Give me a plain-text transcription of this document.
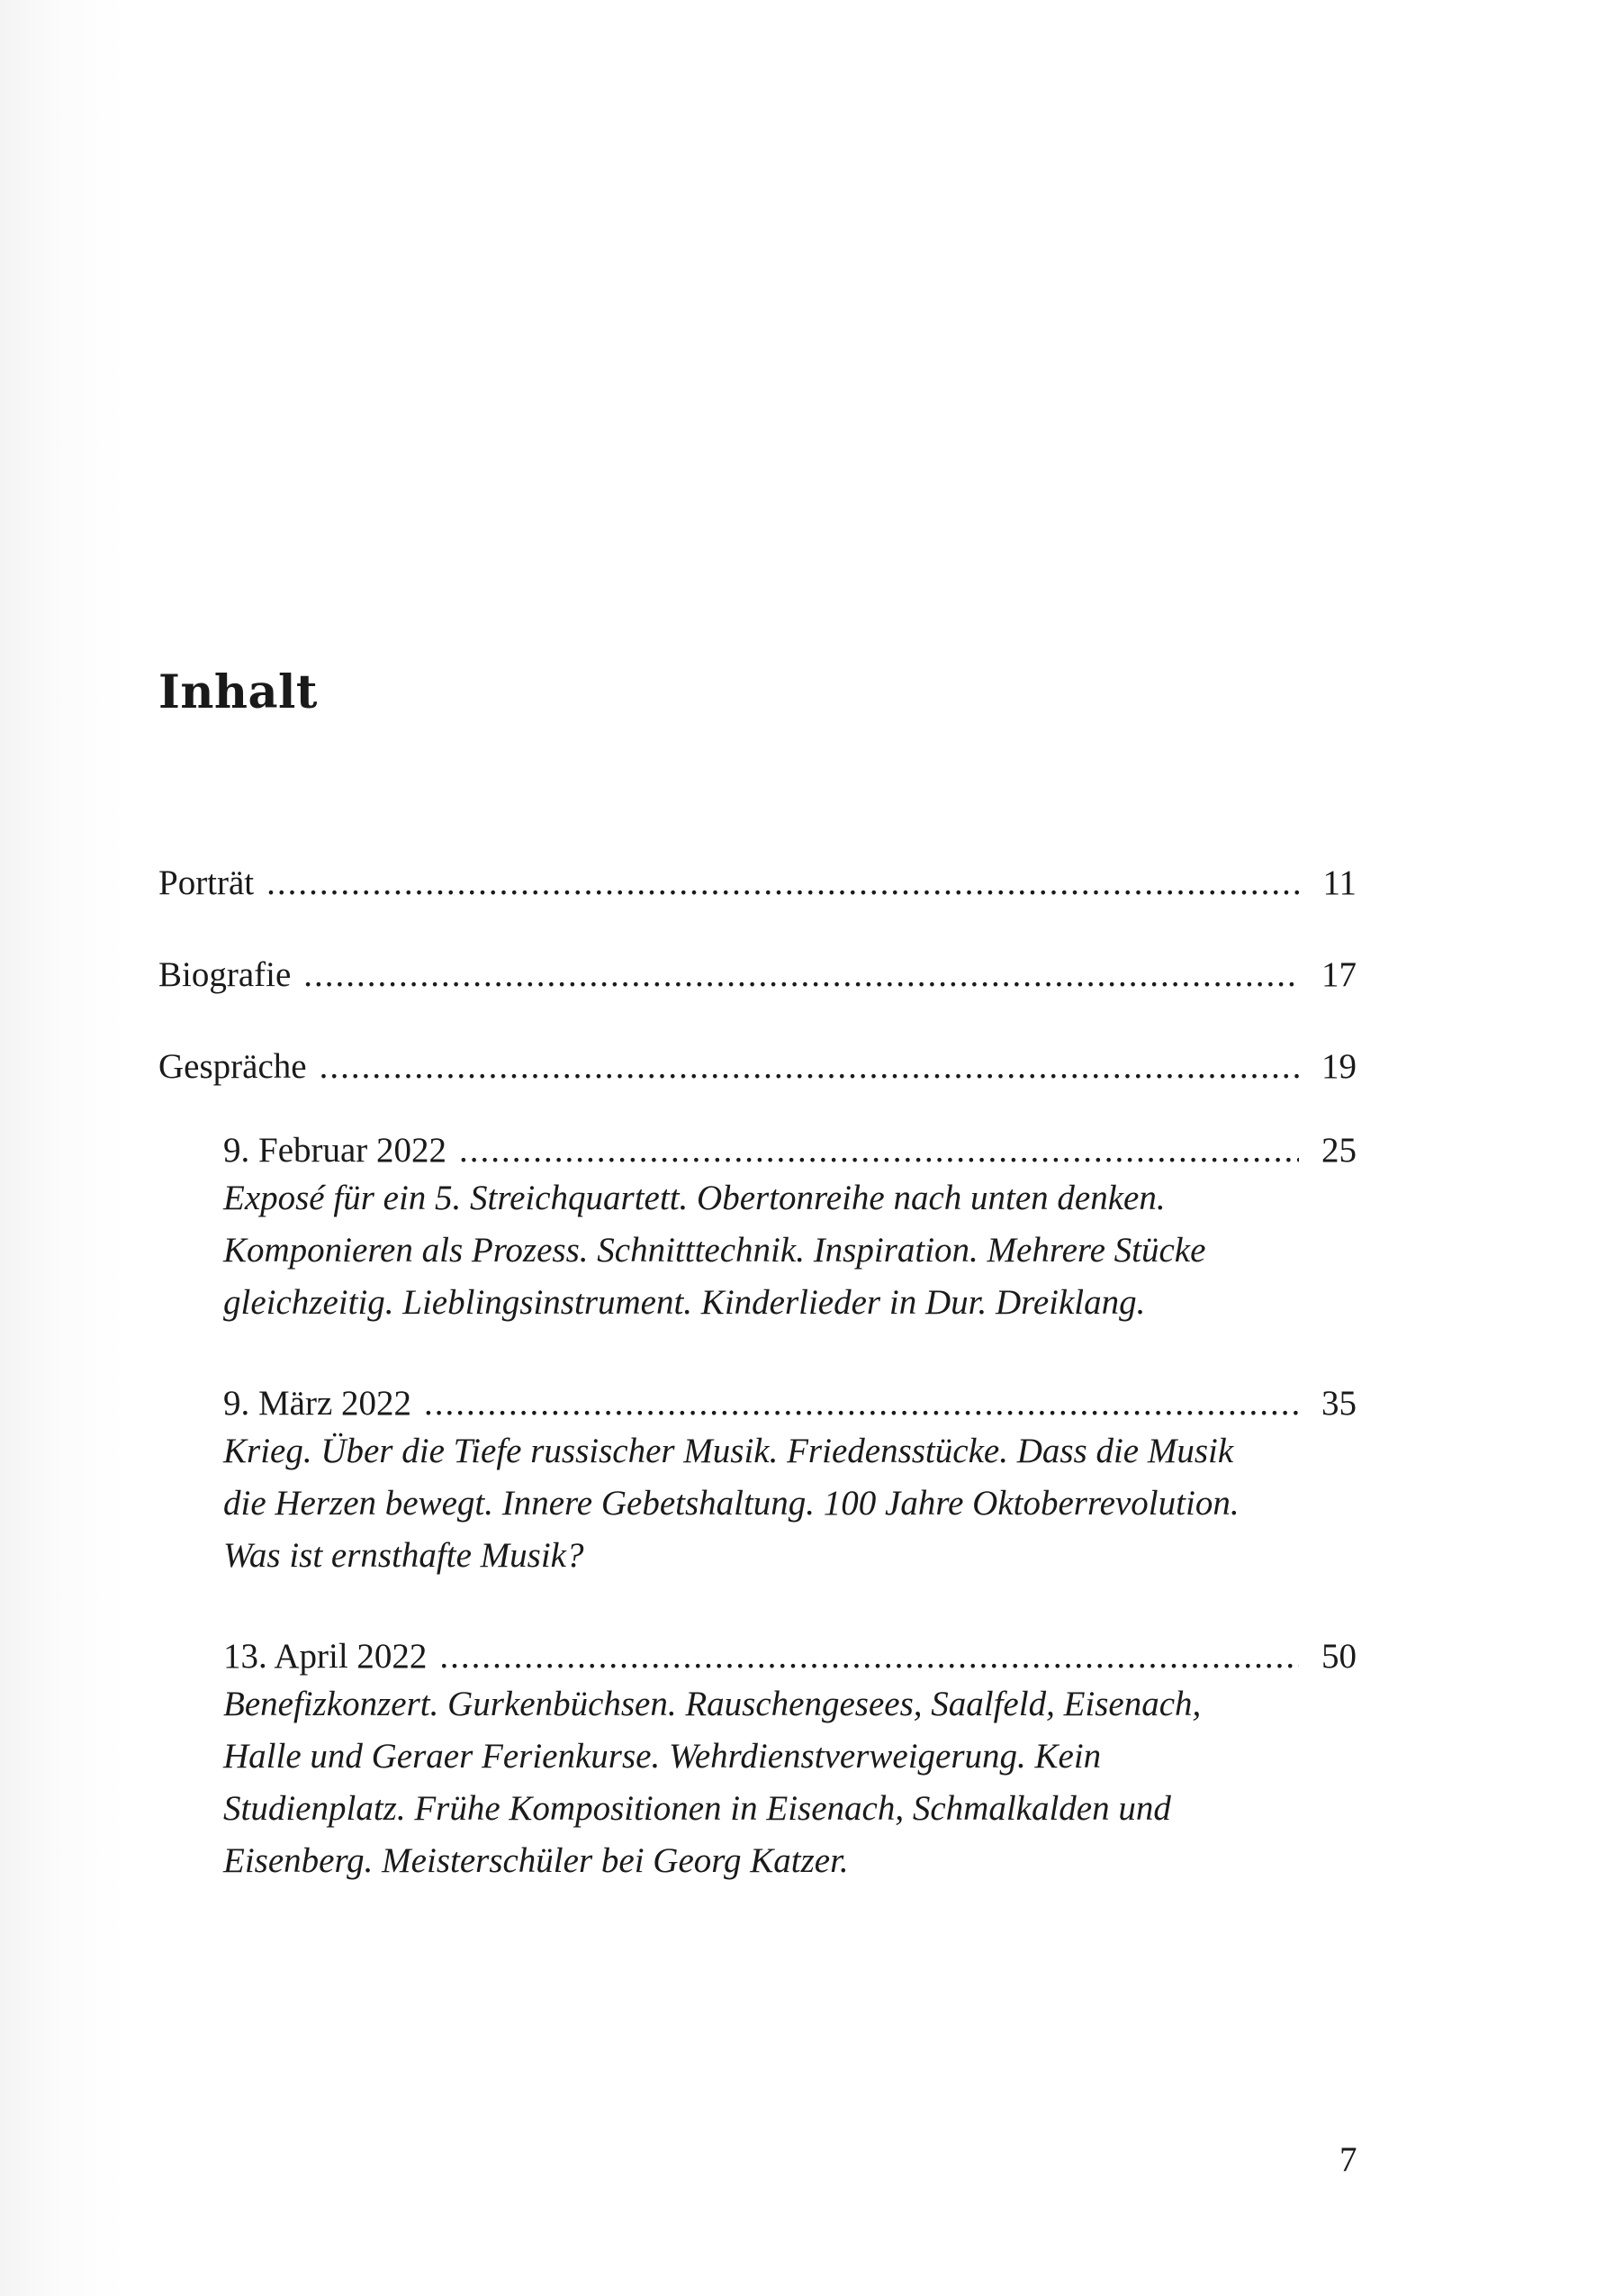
Inhalt
Porträt .....	11
Biografie .....	17
Gespräche .....	19
9. Februar 2022 .....	25
Exposé für ein 5. Streichquartett. Obertonreihe nach unten denken. Komponieren als Prozess. Schnitttechnik. Inspiration. Mehrere Stücke gleichzeitig. Lieblingsinstrument. Kinderlieder in Dur. Dreiklang.
9. März 2022 .....	35
Krieg. Über die Tiefe russischer Musik. Friedensstücke. Dass die Musik die Herzen bewegt. Innere Gebetshaltung. 100 Jahre Oktoberrevolution. Was ist ernsthafte Musik?
13. April 2022 .....	50
Benefizkonzert. Gurkenbüchsen. Rauschengesees, Saalfeld, Eisenach, Halle und Geraer Ferienkurse. Wehrdienstverweigerung. Kein Studienplatz. Frühe Kompositionen in Eisenach, Schmalkalden und Eisenberg. Meisterschüler bei Georg Katzer.
7
